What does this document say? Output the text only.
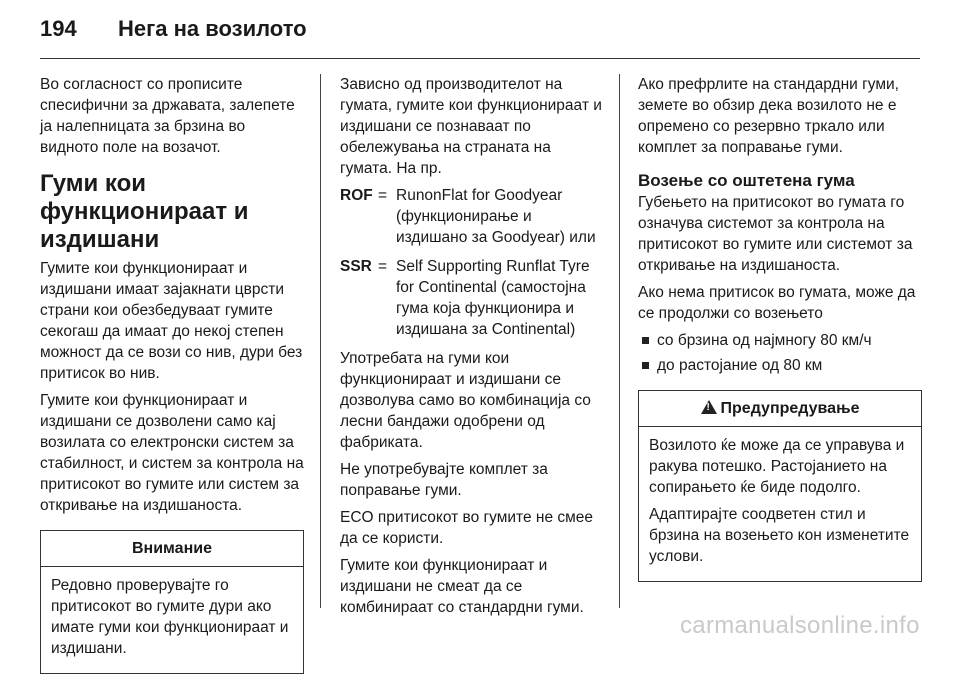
194 Нега на возилото

Во согласност со прописите спесифични за државата, залепете ја налепницата за брзина во видното поле на возачот.

Гуми кои функционираат и издишани

Гумите кои функционираат и издишани имаат зајакнати цврсти страни кои обезбедуваат гумите секогаш да имаат до некој степен можност да се вози со нив, дури без притисок во нив.

Гумите кои функционираат и издишани се дозволени само кај возилата со електронски систем за стабилност, и систем за контрола на притисокот во гумите или систем за откривање на издишаноста.

Внимание

Редовно проверувајте го притисокот во гумите дури ако имате гуми кои функционираат и издишани.

Зависно од производителот на гумата, гумите кои функционираат и издишани се познаваат по обележувања на страната на гумата. На пр.

ROF = RunonFlat for Goodyear (функционирање и издишано за Goodyear) или
SSR = Self Supporting Runflat Tyre for Continental (самостојна гума која функционира и издишана за Continental)

Употребата на гуми кои функционираат и издишани се дозволува само во комбинација со лесни бандажи одобрени од фабриката.

Не употребувајте комплет за поправање гуми.

ECO притисокот во гумите не смее да се користи.

Гумите кои функционираат и издишани не смеат да се комбинираат со стандардни гуми.

Ако префрлите на стандардни гуми, земете во обзир дека возилото не е опремено со резервно тркало или комплет за поправање гуми.

Возење со оштетена гума

Губењето на притисокот во гумата го означува системот за контрола на притисокот во гумите или системот за откривање на издишаноста.

Ако нема притисок во гумата, може да се продолжи со возењето

со брзина од најмногу 80 км/ч
до растојание од 80 км
!Предупредување

Возилото ќе може да се управува и ракува потешко. Растојанието на сопирањето ќе биде подолго.

Адаптирајте соодветен стил и брзина на возењето кон изменетите услови.

carmanualsonline.info
